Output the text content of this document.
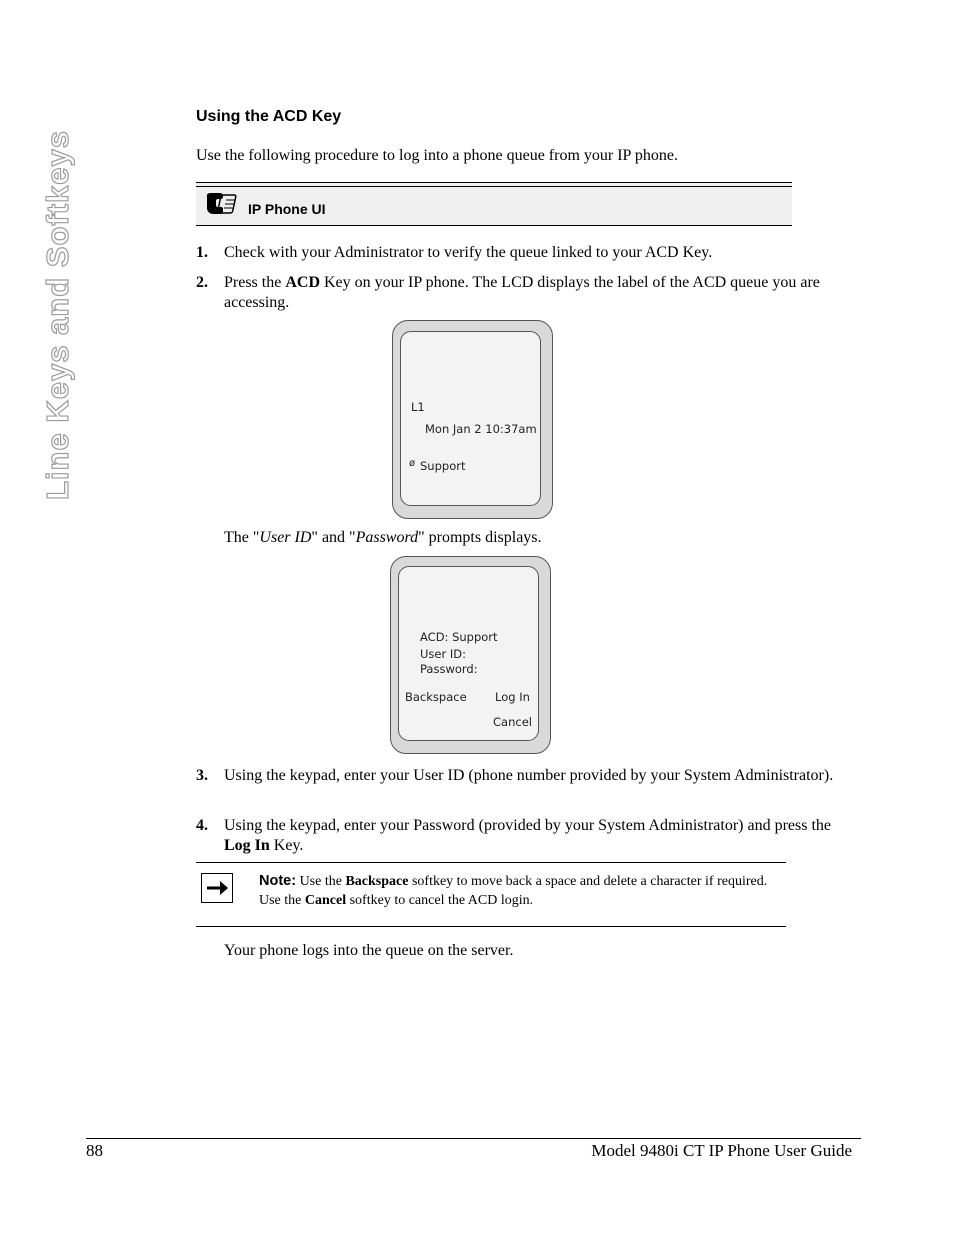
Line Keys and Softkeys
Using the ACD Key
Use the following procedure to log into a phone queue from your IP phone.
IP Phone UI
1. Check with your Administrator to verify the queue linked to your ACD Key.
2. Press the ACD Key on your IP phone. The LCD displays the label of the ACD queue you are accessing.
L1
Mon Jan 2 10:37am
ø Support
The "User ID" and "Password" prompts displays.
ACD: Support
User ID:
Password:
Backspace Log In
Cancel
3. Using the keypad, enter your User ID (phone number provided by your System Administrator).
4. Using the keypad, enter your Password (provided by your System Administrator) and press the Log In Key.
Note: Use the Backspace softkey to move back a space and delete a character if required. Use the Cancel softkey to cancel the ACD login.
Your phone logs into the queue on the server.
88	Model 9480i CT IP Phone User Guide
